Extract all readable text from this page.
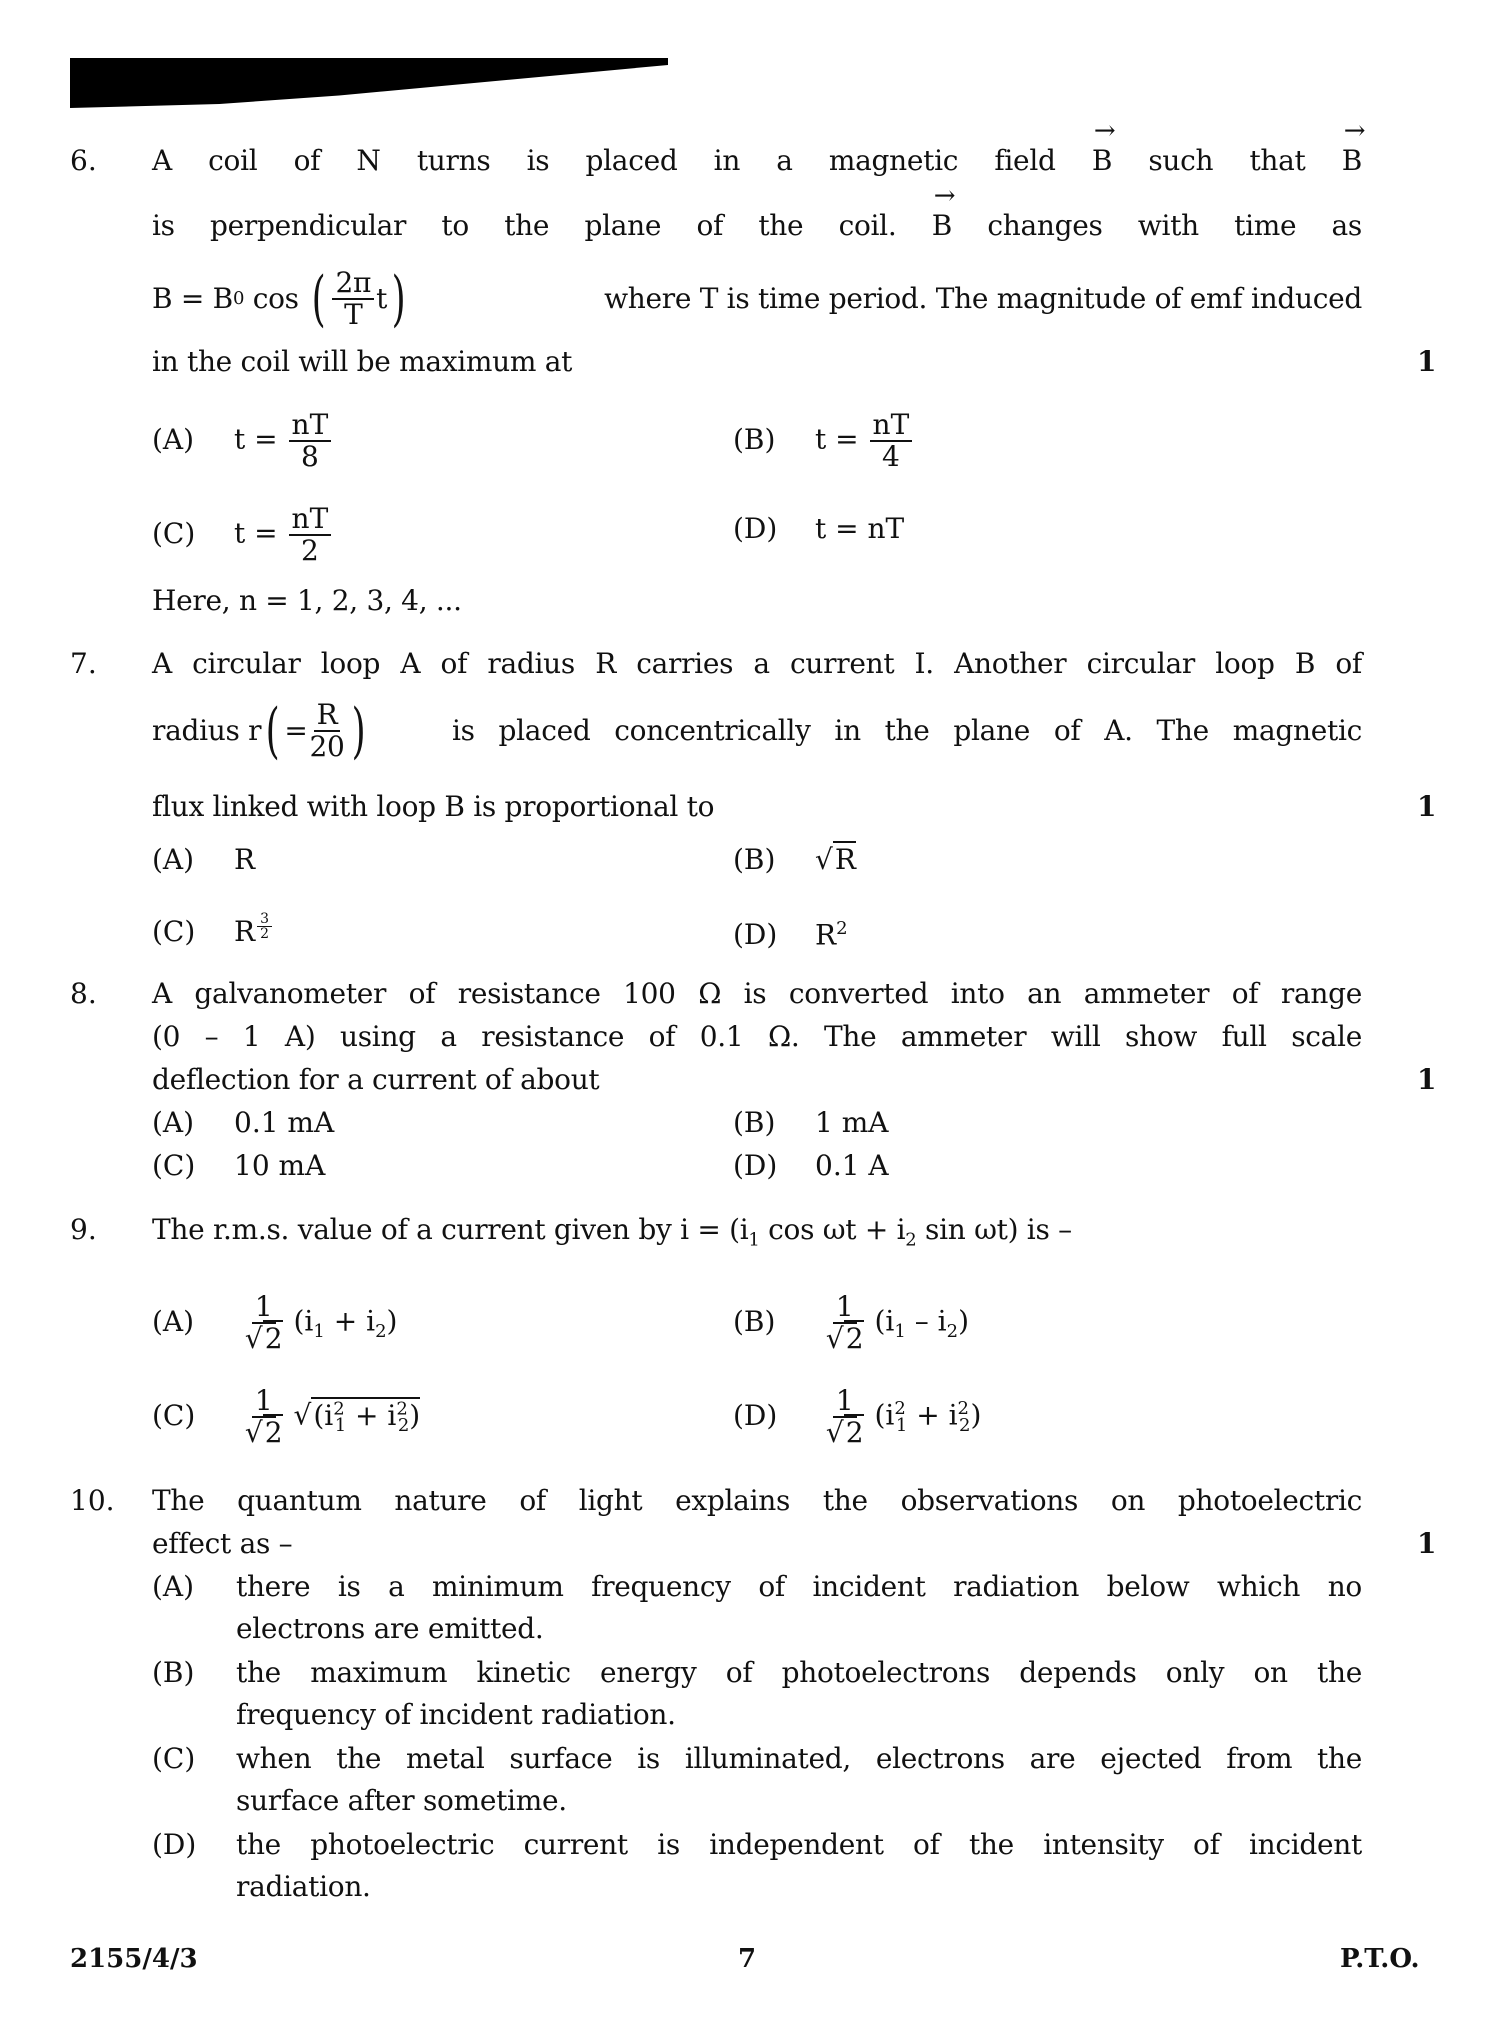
6. A coil of N turns is placed in a magnetic field → B such that → B
is perpendicular to the plane of the coil. → B changes with time as
B
=
B 0
cos
( $\frac{2\pi}{T}$ t )	where T is time period. The magnitude of emf induced
in the coil will be maximum at	1
(A) $t = \frac{nT}{8}$	(B) $t = \frac{nT}{4}$
(C) $t = \frac{nT}{2}$	(D) t = nT
Here, n = 1, 2, 3, 4, ...
7. A circular loop A of radius R carries a current I. Another circular loop B of
radius r ( = $\frac{R}{20}$ )	is placed concentrically in the plane of A. The magnetic
flux linked with loop B is proportional to	1
(A) R	(B) √R
(C) R $^{\frac{3}{2}}$	(D) $R^2$
8. A galvanometer of resistance 100 Ω is converted into an ammeter of range
(0 – 1 A) using a resistance of 0.1 Ω. The ammeter will show full scale
deflection for a current of about	1
(A) 0.1 mA	(B) 1 mA
(C) 10 mA	(D) 0.1 A
9. The r.m.s. value of a current given by $i = (i_1$ $\cos \omega t + i_2$ sin ωt) is –
$(A) \frac{1}{√2} (i_1 + i_2)$	$(B) \frac{1}{√2} (i_1 - i_2)$
$(C) \frac{1}{√2} √(i^2_1 + i^2_2)$	$(D) \frac{1}{√2} (i^2_1 + i^2_2)$
10. The quantum nature of light explains the observations on photoelectric
effect as –	1
(A) there is a minimum frequency of incident radiation below which no
electrons are emitted.
(B) the maximum kinetic energy of photoelectrons depends only on the
frequency of incident radiation.
(C) when the metal surface is illuminated, electrons are ejected from the
surface after sometime.
(D) the photoelectric current is independent of the intensity of incident
radiation.
2155/4/3	7	P.T.O.
